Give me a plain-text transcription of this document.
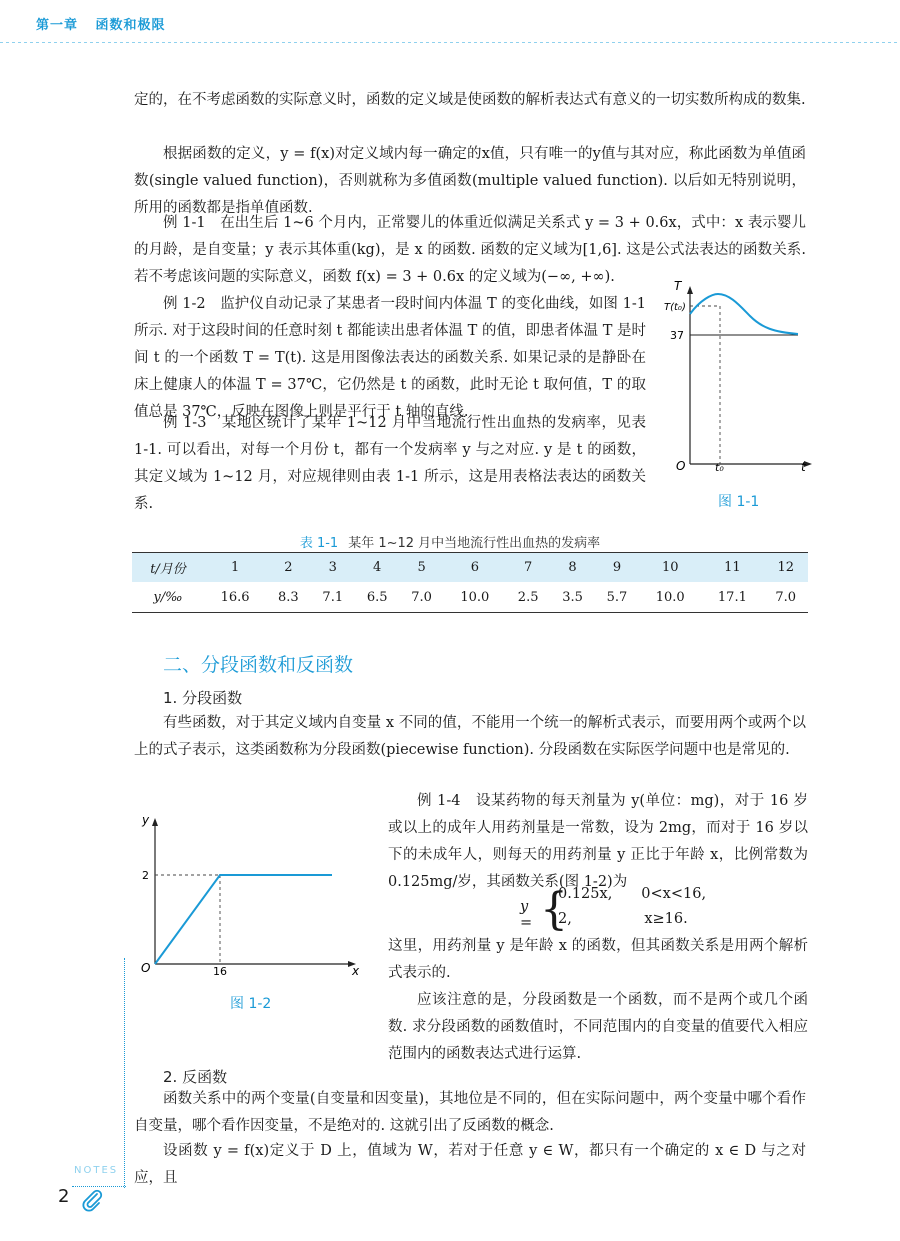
第一章 函数和极限

定的，在不考虑函数的实际意义时，函数的定义域是使函数的解析表达式有意义的一切实数所构成的数集.

根据函数的定义，y = f(x)对定义域内每一确定的x值，只有唯一的y值与其对应，称此函数为单值函数(single valued function)，否则就称为多值函数(multiple valued function). 以后如无特别说明，所用的函数都是指单值函数.

例 1-1　在出生后 1~6 个月内，正常婴儿的体重近似满足关系式 y = 3 + 0.6x，式中：x 表示婴儿的月龄，是自变量；y 表示其体重(kg)，是 x 的函数. 函数的定义域为[1,6]. 这是公式法表达的函数关系. 若不考虑该问题的实际意义，函数 f(x) = 3 + 0.6x 的定义域为(−∞, +∞).

例 1-2　监护仪自动记录了某患者一段时间内体温 T 的变化曲线，如图 1-1 所示. 对于这段时间的任意时刻 t 都能读出患者体温 T 的值，即患者体温 T 是时间 t 的一个函数 T = T(t). 这是用图像法表达的函数关系. 如果记录的是静卧在床上健康人的体温 T = 37℃，它仍然是 t 的函数，此时无论 t 取何值，T 的取值总是 37℃，反映在图像上则是平行于 t 轴的直线.

例 1-3　某地区统计了某年 1~12 月中当地流行性出血热的发病率，见表 1-1. 可以看出，对每一个月份 t，都有一个发病率 y 与之对应. y 是 t 的函数，其定义域为 1~12 月，对应规律则由表 1-1 所示，这是用表格法表达的函数关系.

T
T(t₀)
37
O	t₀	t
图 1-1
表 1-1 某年 1~12 月中当地流行性出血热的发病率
t/月份	1	2	3	4	5	6	7	8	9	10	11	12
y/‰	16.6	8.3	7.1	6.5	7.0	10.0	2.5	3.5	5.7	10.0	17.1	7.0
二、分段函数和反函数
1. 分段函数

有些函数，对于其定义域内自变量 x 不同的值，不能用一个统一的解析式表示，而要用两个或两个以上的式子表示，这类函数称为分段函数(piecewise function). 分段函数在实际医学问题中也是常见的.

y
2
O	16	x
图 1-2

例 1-4　设某药物的每天剂量为 y(单位：mg)，对于 16 岁或以上的成年人用药剂量是一常数，设为 2mg，而对于 16 岁以下的未成年人，则每天的用药剂量 y 正比于年龄 x，比例常数为 0.125mg/岁，其函数关系(图 1-2)为

y = {
0.125x,　　0<x<16,
2,　　　　　x≥16.

这里，用药剂量 y 是年龄 x 的函数，但其函数关系是用两个解析式表示的.

应该注意的是，分段函数是一个函数，而不是两个或几个函数. 求分段函数的函数值时，不同范围内的自变量的值要代入相应范围内的函数表达式进行运算.

2. 反函数

函数关系中的两个变量(自变量和因变量)，其地位是不同的，但在实际问题中，两个变量中哪个看作自变量，哪个看作因变量，不是绝对的. 这就引出了反函数的概念.

设函数 y = f(x)定义于 D 上，值域为 W，若对于任意 y ∈ W，都只有一个确定的 x ∈ D 与之对应，且

NOTES
2
